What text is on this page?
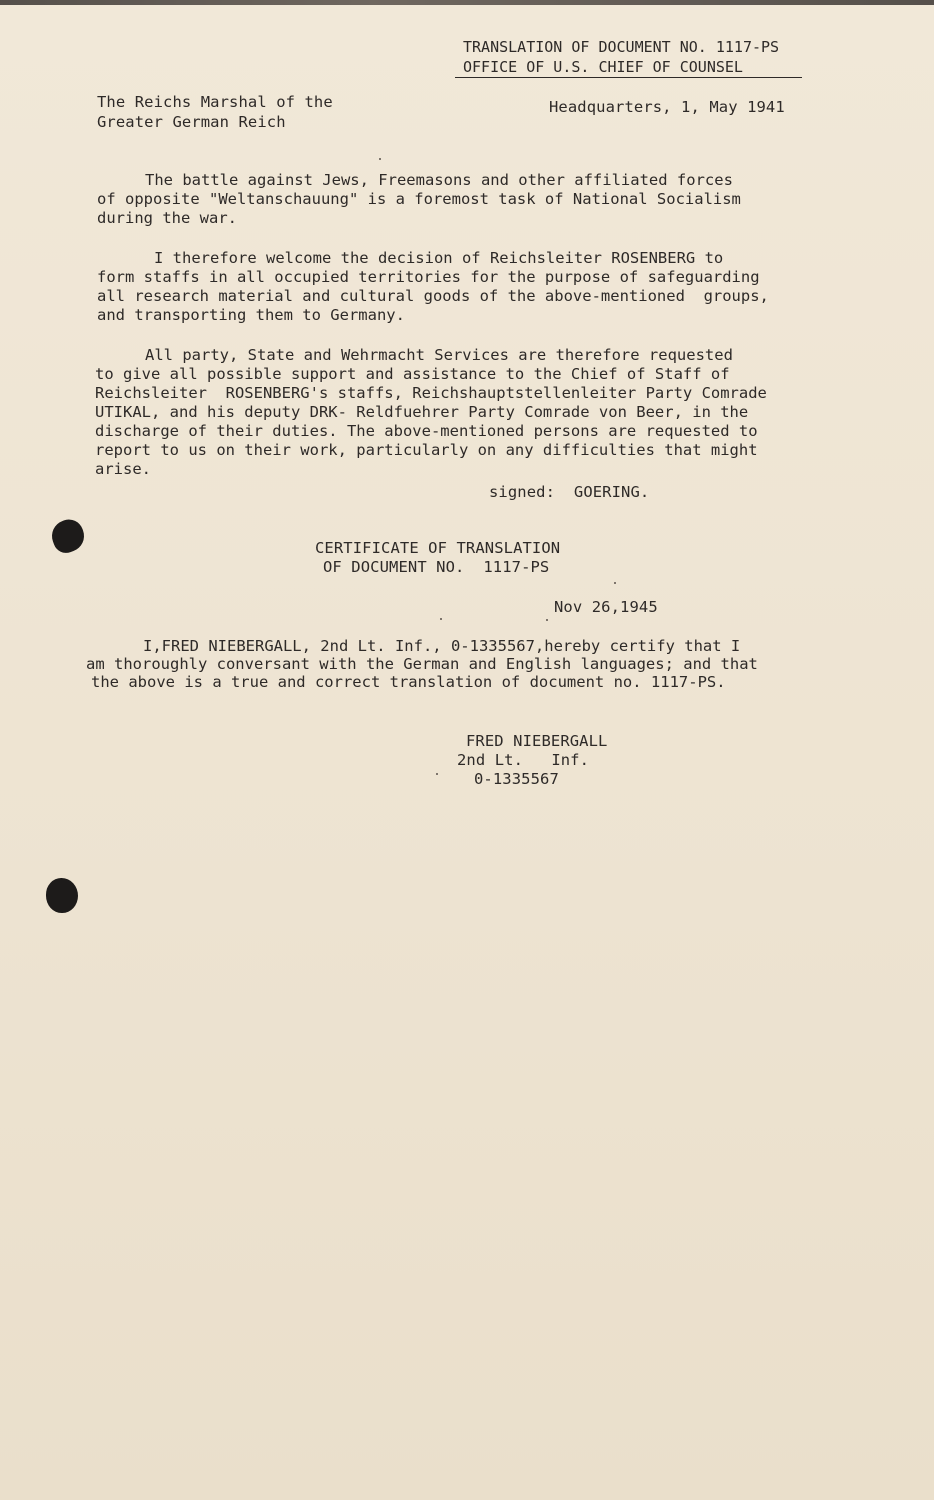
TRANSLATION OF DOCUMENT NO. 1117-PS
OFFICE OF U.S. CHIEF OF COUNSEL
The Reichs Marshal of the
Greater German Reich
Headquarters, 1, May 1941
The battle against Jews, Freemasons and other affiliated forces
of opposite "Weltanschauung" is a foremost task of National Socialism
during the war.
I therefore welcome the decision of Reichsleiter ROSENBERG to
form staffs in all occupied territories for the purpose of safeguarding
all research material and cultural goods of the above-mentioned  groups,
and transporting them to Germany.
All party, State and Wehrmacht Services are therefore requested
to give all possible support and assistance to the Chief of Staff of
Reichsleiter  ROSENBERG's staffs, Reichshauptstellenleiter Party Comrade
UTIKAL, and his deputy DRK- Reldfuehrer Party Comrade von Beer, in the
discharge of their duties. The above-mentioned persons are requested to
report to us on their work, particularly on any difficulties that might
arise.
signed:  GOERING.
CERTIFICATE OF TRANSLATION
OF DOCUMENT NO.  1117-PS
Nov 26,1945
I,FRED NIEBERGALL, 2nd Lt. Inf., 0-1335567,hereby certify that I
am thoroughly conversant with the German and English languages; and that
the above is a true and correct translation of document no. 1117-PS.
FRED NIEBERGALL
2nd Lt.   Inf.
0-1335567
